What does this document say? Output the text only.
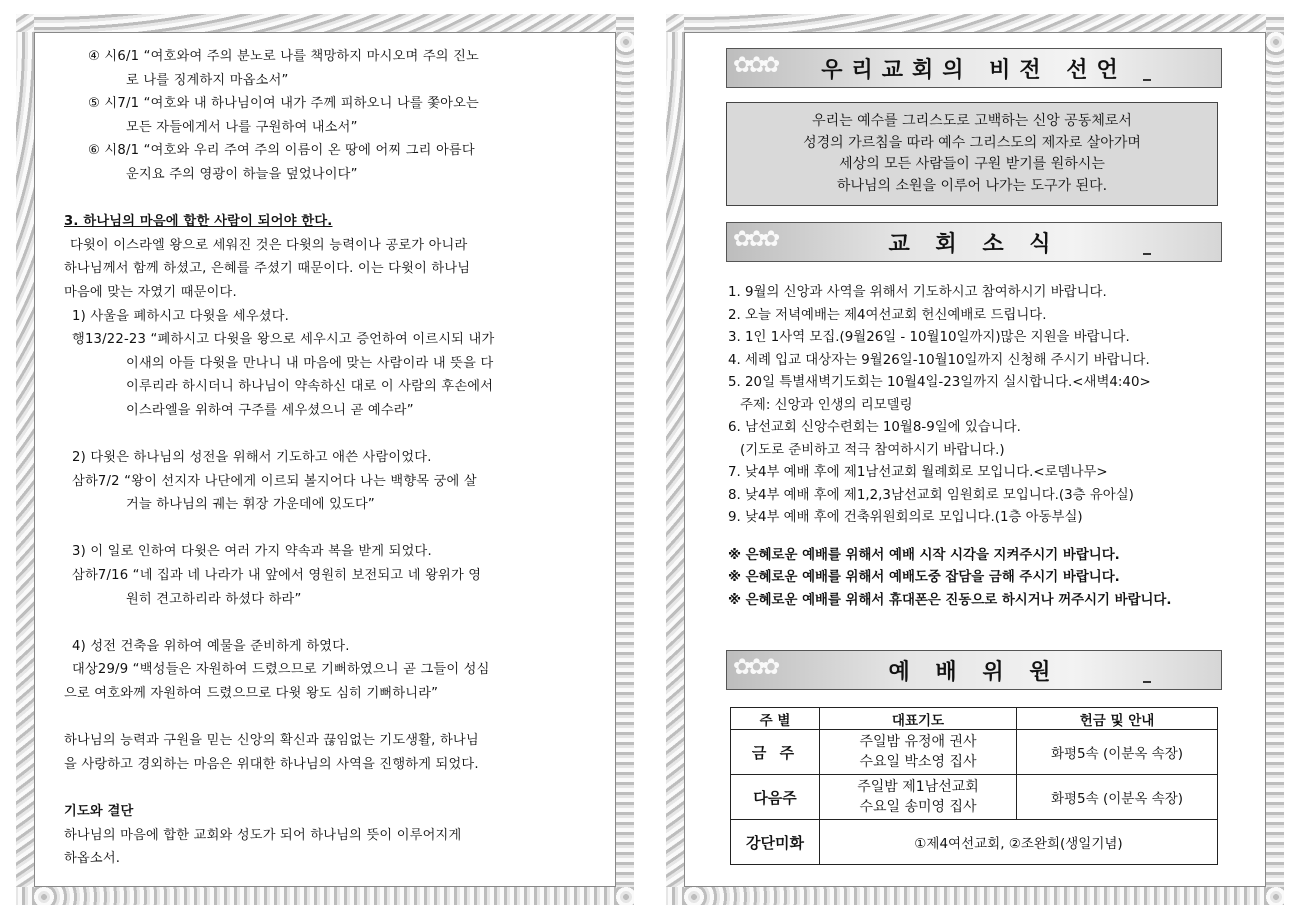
④ 시6/1 “여호와여 주의 분노로 나를 책망하지 마시오며 주의 진노

로 나를 징계하지 마옵소서”

⑤ 시7/1 “여호와 내 하나님이여 내가 주께 피하오니 나를 쫓아오는

모든 자들에게서 나를 구원하여 내소서”

⑥ 시8/1 “여호와 우리 주여 주의 이름이 온 땅에 어찌 그리 아름다

운지요 주의 영광이 하늘을 덮었나이다”

3. 하나님의 마음에 합한 사람이 되어야 한다.

다윗이 이스라엘 왕으로 세워진 것은 다윗의 능력이나 공로가 아니라

하나님께서 함께 하셨고, 은혜를 주셨기 때문이다. 이는 다윗이 하나님

마음에 맞는 자였기 때문이다.

1) 사울을 폐하시고 다윗을 세우셨다.

행13/22-23 “폐하시고 다윗을 왕으로 세우시고 증언하여 이르시되 내가

이새의 아들 다윗을 만나니 내 마음에 맞는 사람이라 내 뜻을 다

이루리라 하시더니 하나님이 약속하신 대로 이 사람의 후손에서

이스라엘을 위하여 구주를 세우셨으니 곧 예수라”

2) 다윗은 하나님의 성전을 위해서 기도하고 애쓴 사람이었다.

삼하7/2 “왕이 선지자 나단에게 이르되 볼지어다 나는 백향목 궁에 살

거늘 하나님의 궤는 휘장 가운데에 있도다”

3) 이 일로 인하여 다윗은 여러 가지 약속과 복을 받게 되었다.

삼하7/16 “네 집과 네 나라가 내 앞에서 영원히 보전되고 네 왕위가 영

원히 견고하리라 하셨다 하라”

4) 성전 건축을 위하여 예물을 준비하게 하였다.

대상29/9 “백성들은 자원하여 드렸으므로 기뻐하였으니 곧 그들이 성심

으로 여호와께 자원하여 드렸으므로 다윗 왕도 심히 기뻐하니라”

하나님의 능력과 구원을 믿는 신앙의 확신과 끊임없는 기도생활, 하나님

을 사랑하고 경외하는 마음은 위대한 하나님의 사역을 진행하게 되었다.

기도와 결단

하나님의 마음에 합한 교회와 성도가 되어 하나님의 뜻이 이루어지게

하옵소서.

✿✿✿	우리교회의 비전 선언
우리는 예수를 그리스도로 고백하는 신앙 공동체로서
성경의 가르침을 따라 예수 그리스도의 제자로 살아가며
세상의 모든 사람들이 구원 받기를 원하시는
하나님의 소원을 이루어 나가는 도구가 된다.
✿✿✿	교 회 소 식
✿✿✿	예 배 위 원
주 별	대표기도	헌금 및 안내
금 주	주일밤 유정애 권사
수요일 박소영 집사	화평5속 (이분옥 속장)
다음주	주일밤 제1남선교회
수요일 송미영 집사	화평5속 (이분옥 속장)
강단미화	①제4여선교회, ②조완희(생일기념)	

1. 9월의 신앙과 사역을 위해서 기도하시고 참여하시기 바랍니다.

2. 오늘 저녁예배는 제4여선교회 헌신예배로 드립니다.

3. 1인 1사역 모집.(9월26일 - 10월10일까지)많은 지원을 바랍니다.

4. 세례 입교 대상자는 9월26일-10월10일까지 신청해 주시기 바랍니다.

5. 20일 특별새벽기도회는 10월4일-23일까지 실시합니다.<새벽4:40>

주제: 신앙과 인생의 리모델링

6. 남선교회 신앙수련회는 10월8-9일에 있습니다.

(기도로 준비하고 적극 참여하시기 바랍니다.)

7. 낮4부 예배 후에 제1남선교회 월례회로 모입니다.<로뎀나무>

8. 낮4부 예배 후에 제1,2,3남선교회 임원회로 모입니다.(3층 유아실)

9. 낮4부 예배 후에 건축위원회의로 모입니다.(1층 아동부실)

※ 은혜로운 예배를 위해서 예배 시작 시각을 지켜주시기 바랍니다.

※ 은혜로운 예배를 위해서 예배도중 잡담을 금해 주시기 바랍니다.

※ 은혜로운 예배를 위해서 휴대폰은 진동으로 하시거나 꺼주시기 바랍니다.
